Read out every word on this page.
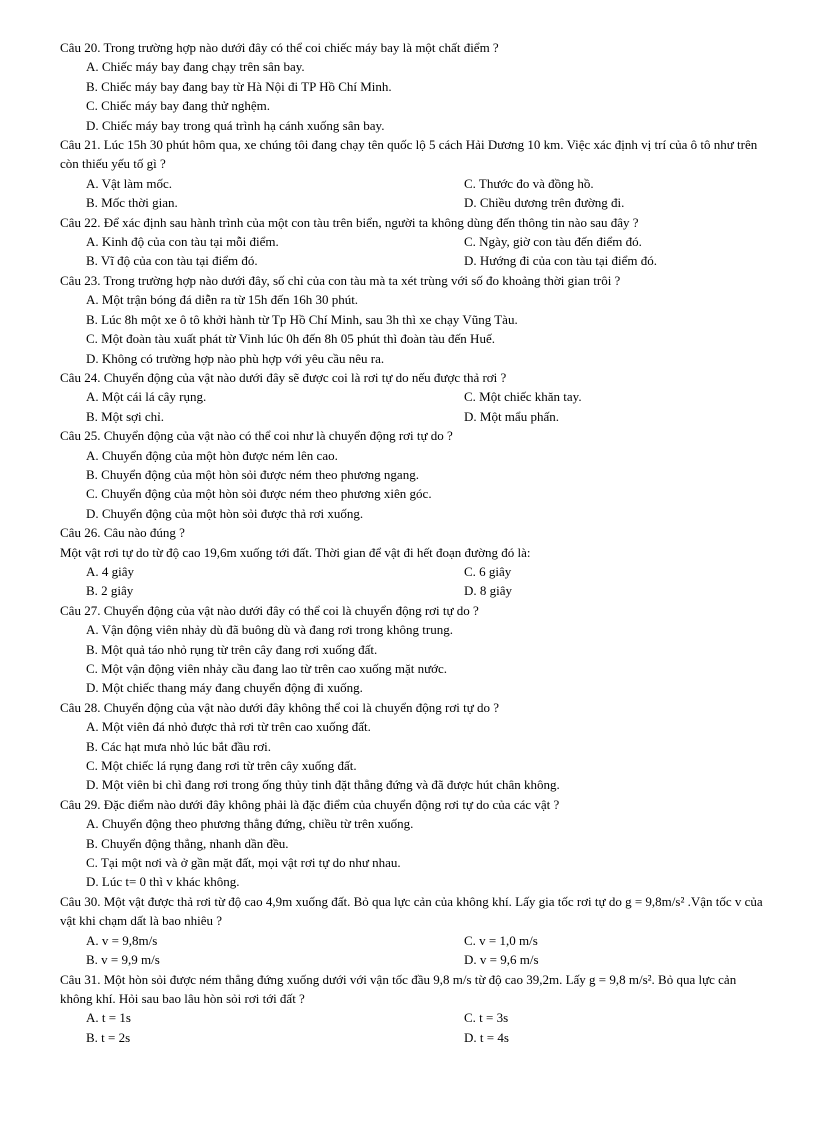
Câu 20. Trong trường hợp nào dưới đây có thể coi chiếc máy bay là một chất điểm ?
A. Chiếc máy bay đang chạy trên sân bay.
B. Chiếc máy bay đang bay từ Hà Nội đi TP Hồ Chí Minh.
C. Chiếc máy bay đang thử nghệm.
D. Chiếc máy bay trong quá trình hạ cánh xuống sân bay.
Câu 21. Lúc 15h 30 phút hôm qua, xe chúng tôi đang chạy tên quốc lộ 5 cách Hải Dương 10 km. Việc xác định vị trí của ô tô như trên còn thiếu yếu tố gì ?
A. Vật làm mốc.	C. Thước đo và đồng hồ.
B. Mốc thời gian.	D. Chiều dương trên đường đi.
Câu 22. Để xác định sau hành trình của một con tàu trên biển, người ta không dùng đến thông tin nào sau đây ?
A. Kinh độ của con tàu tại mỗi điểm.	C. Ngày, giờ con tàu đến điểm đó.
B. Vĩ độ của con tàu tại điểm đó.	D. Hướng đi của con tàu tại điểm đó.
Câu 23. Trong trường hợp nào dưới đây, số chỉ của con tàu mà ta xét trùng với số đo khoảng thời gian trôi ?
A. Một trận bóng đá diễn ra từ 15h đến 16h 30 phút.
B. Lúc 8h một xe ô tô khởi hành từ Tp Hồ Chí Minh, sau 3h thì xe chạy Vũng Tàu.
C. Một đoàn tàu xuất phát từ Vinh lúc 0h đến 8h 05 phút thì đoàn tàu đến Huế.
D. Không có trường hợp nào phù hợp với yêu cầu nêu ra.
Câu 24. Chuyển động của vật nào dưới đây sẽ được coi là rơi tự do nếu được thả rơi ?
A. Một cái lá cây rụng.	C. Một chiếc khăn tay.
B. Một sợi chỉ.	D. Một mẩu phấn.
Câu 25. Chuyển động của vật nào có thể coi như là chuyển động rơi tự do ?
A. Chuyển động của một hòn được ném lên cao.
B. Chuyển động của một hòn sỏi được ném theo phương ngang.
C. Chuyển động của một hòn sỏi được ném theo phương xiên góc.
D. Chuyển động của một hòn sỏi được thả rơi xuống.
Câu 26. Câu nào đúng ?
Một vật rơi tự do từ độ cao 19,6m xuống tới đất. Thời gian để vật đi hết đoạn đường đó là:
A. 4 giây	C. 6 giây
B. 2 giây	D. 8 giây
Câu 27. Chuyển động của vật nào dưới đây có thể coi là chuyển động rơi tự do ?
A. Vận động viên nhảy dù đã buông dù và đang rơi trong không trung.
B. Một quả táo nhỏ rụng từ trên cây đang rơi xuống đất.
C. Một vận động viên nhảy cầu đang lao từ trên cao xuống mặt nước.
D. Một chiếc thang máy đang chuyển động đi xuống.
Câu 28. Chuyển động của vật nào dưới đây không thể coi là chuyển động rơi tự do ?
A. Một viên đá nhỏ được thả rơi từ trên cao xuống đất.
B. Các hạt mưa nhỏ lúc bắt đầu rơi.
C. Một chiếc lá rụng đang rơi từ trên cây xuống đất.
D. Một viên bi chì đang rơi trong ống thủy tinh đặt thẳng đứng và đã được hút chân không.
Câu 29. Đặc điểm nào dưới đây không phải là đặc điểm của chuyển động rơi tự do của các vật ?
A. Chuyển động theo phương thẳng đứng, chiều từ trên xuống.
B. Chuyển động thẳng, nhanh dần đều.
C. Tại một nơi và ở gần mặt đất, mọi vật rơi tự do như nhau.
D. Lúc t= 0 thì v khác không.
Câu 30. Một vật được thả rơi từ độ cao 4,9m xuống đất. Bỏ qua lực cản của không khí. Lấy gia tốc rơi tự do g = 9,8m/s² .Vận tốc v của vật khi chạm dất là bao nhiêu ?
A. v = 9,8m/s	C. v = 1,0 m/s
B. v = 9,9 m/s	D. v = 9,6 m/s
Câu 31. Một hòn sỏi được ném thẳng đứng xuống dưới với vận tốc đầu 9,8 m/s từ độ cao 39,2m. Lấy g = 9,8 m/s². Bỏ qua lực cản không khí. Hỏi sau bao lâu hòn sỏi rơi tới đất ?
A. t = 1s	C. t = 3s
B. t = 2s	D. t = 4s
